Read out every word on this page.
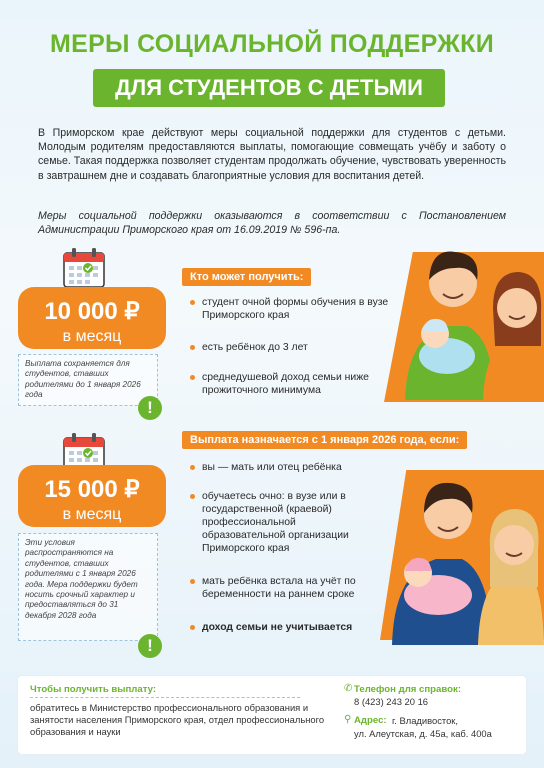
МЕРЫ СОЦИАЛЬНОЙ ПОДДЕРЖКИ
ДЛЯ СТУДЕНТОВ С ДЕТЬМИ
В Приморском крае действуют меры социальной поддержки для студентов с детьми. Молодым родителям предоставляются выплаты, помогающие совмещать учёбу и заботу о семье. Такая поддержка позволяет студентам продолжать обучение, чувствовать уверенность в завтрашнем дне и создавать благоприятные условия для воспитания детей.
Меры социальной поддержки оказываются в соответствии с Постановлением Администрации Приморского края от 16.09.2019 № 596-па.
10 000 ₽
в месяц
Выплата сохраняется для студентов, ставших родителями до 1 января 2026 года
!
Кто может получить:
студент очной формы обучения в вузе Приморского края
есть ребёнок до 3 лет
среднедушевой доход семьи ниже прожиточного минимума
15 000 ₽
в месяц
Эти условия распространяются на студентов, ставших родителями с 1 января 2026 года. Мера поддержки будет носить срочный характер и предоставляться до 31 декабря 2028 года
!
Выплата назначается с 1 января 2026 года, если:
вы — мать или отец ребёнка
обучаетесь очно: в вузе или в государственной (краевой) профессиональной образовательной организации Приморского края
мать ребёнка встала на учёт по беременности на раннем сроке
доход семьи не учитывается
Чтобы получить выплату:
обратитесь в Министерство профессионального образования и занятости населения Приморского края, отдел профессионального образования и науки
✆ Телефон для справок:
8 (423) 243 20 16
⚲ Адрес: г. Владивосток,
ул. Алеутская, д. 45а, каб. 400а
